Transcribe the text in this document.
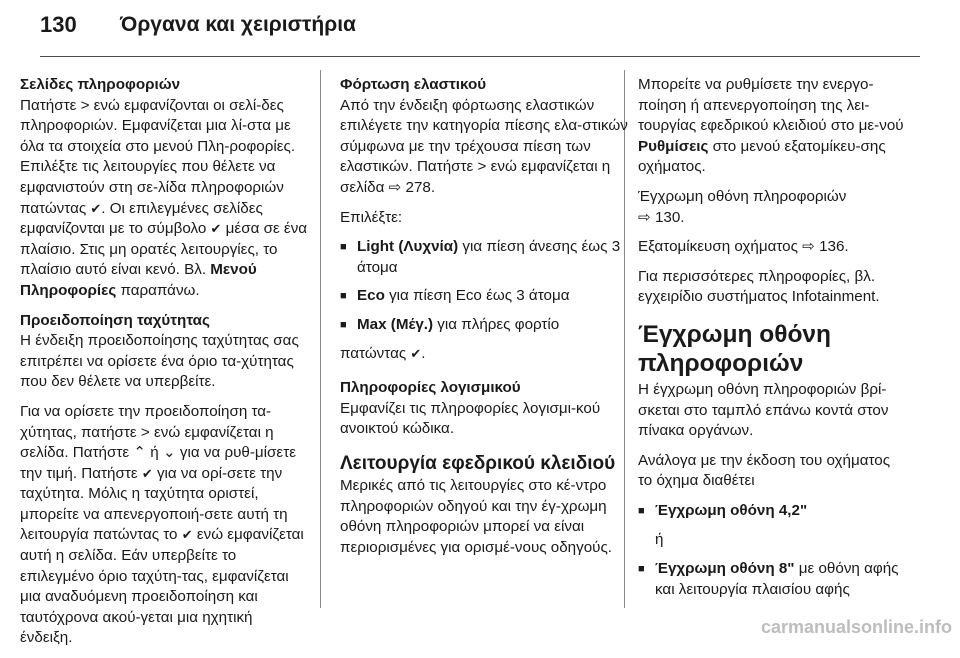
130 Όργανα και χειριστήρια

Σελίδες πληροφοριών

Πατήστε > ενώ εμφανίζονται οι σελί-δες πληροφοριών. Εμφανίζεται μια λί-στα με όλα τα στοιχεία στο μενού Πλη-ροφορίες. Επιλέξτε τις λειτουργίες που θέλετε να εμφανιστούν στη σε-λίδα πληροφοριών πατώντας ✔. Οι επιλεγμένες σελίδες εμφανίζονται με το σύμβολο ✔ μέσα σε ένα πλαίσιο. Στις μη ορατές λειτουργίες, το πλαίσιο αυτό είναι κενό. Βλ. Μενού Πληροφορίες παραπάνω.

Προειδοποίηση ταχύτητας

Η ένδειξη προειδοποίησης ταχύτητας σας επιτρέπει να ορίσετε ένα όριο τα-χύτητας που δεν θέλετε να υπερβείτε.

Για να ορίσετε την προειδοποίηση τα-χύτητας, πατήστε > ενώ εμφανίζεται η σελίδα. Πατήστε ⌃ ή ⌄ για να ρυθ-μίσετε την τιμή. Πατήστε ✔ για να ορί-σετε την ταχύτητα. Μόλις η ταχύτητα οριστεί, μπορείτε να απενεργοποιή-σετε αυτή τη λειτουργία πατώντας το ✔ ενώ εμφανίζεται αυτή η σελίδα. Εάν υπερβείτε το επιλεγμένο όριο ταχύτη-τας, εμφανίζεται μια αναδυόμενη προειδοποίηση και ταυτόχρονα ακού-γεται μια ηχητική ένδειξη.

Φόρτωση ελαστικού

Από την ένδειξη φόρτωσης ελαστικών επιλέγετε την κατηγορία πίεσης ελα-στικών σύμφωνα με την τρέχουσα πίεση των ελαστικών. Πατήστε > ενώ εμφανίζεται η σελίδα ⇨ 278.

Επιλέξτε:

■ Light (Λυχνία) για πίεση άνεσης έως 3 άτομα
■ Eco για πίεση Eco έως 3 άτομα
■ Max (Μέγ.) για πλήρες φορτίο

πατώντας ✔.

Πληροφορίες λογισμικού

Εμφανίζει τις πληροφορίες λογισμι-κού ανοικτού κώδικα.

Λειτουργία εφεδρικού κλειδιού

Μερικές από τις λειτουργίες στο κέ-ντρο πληροφοριών οδηγού και την έγ-χρωμη οθόνη πληροφοριών μπορεί να είναι περιορισμένες για ορισμέ-νους οδηγούς.

Μπορείτε να ρυθμίσετε την ενεργο-ποίηση ή απενεργοποίηση της λει-τουργίας εφεδρικού κλειδιού στο με-νού Ρυθμίσεις στο μενού εξατομίκευ-σης οχήματος.

Έγχρωμη οθόνη πληροφοριών
⇨ 130.

Εξατομίκευση οχήματος ⇨ 136.

Για περισσότερες πληροφορίες, βλ. εγχειρίδιο συστήματος Infotainment.

Έγχρωμη οθόνη πληροφοριών

Η έγχρωμη οθόνη πληροφοριών βρί-σκεται στο ταμπλό επάνω κοντά στον πίνακα οργάνων.

Ανάλογα με την έκδοση του οχήματος το όχημα διαθέτει

■ Έγχρωμη οθόνη 4,2"

ή

■ Έγχρωμη οθόνη 8" με οθόνη αφής και λειτουργία πλαισίου αφής
carmanualsonline.info
